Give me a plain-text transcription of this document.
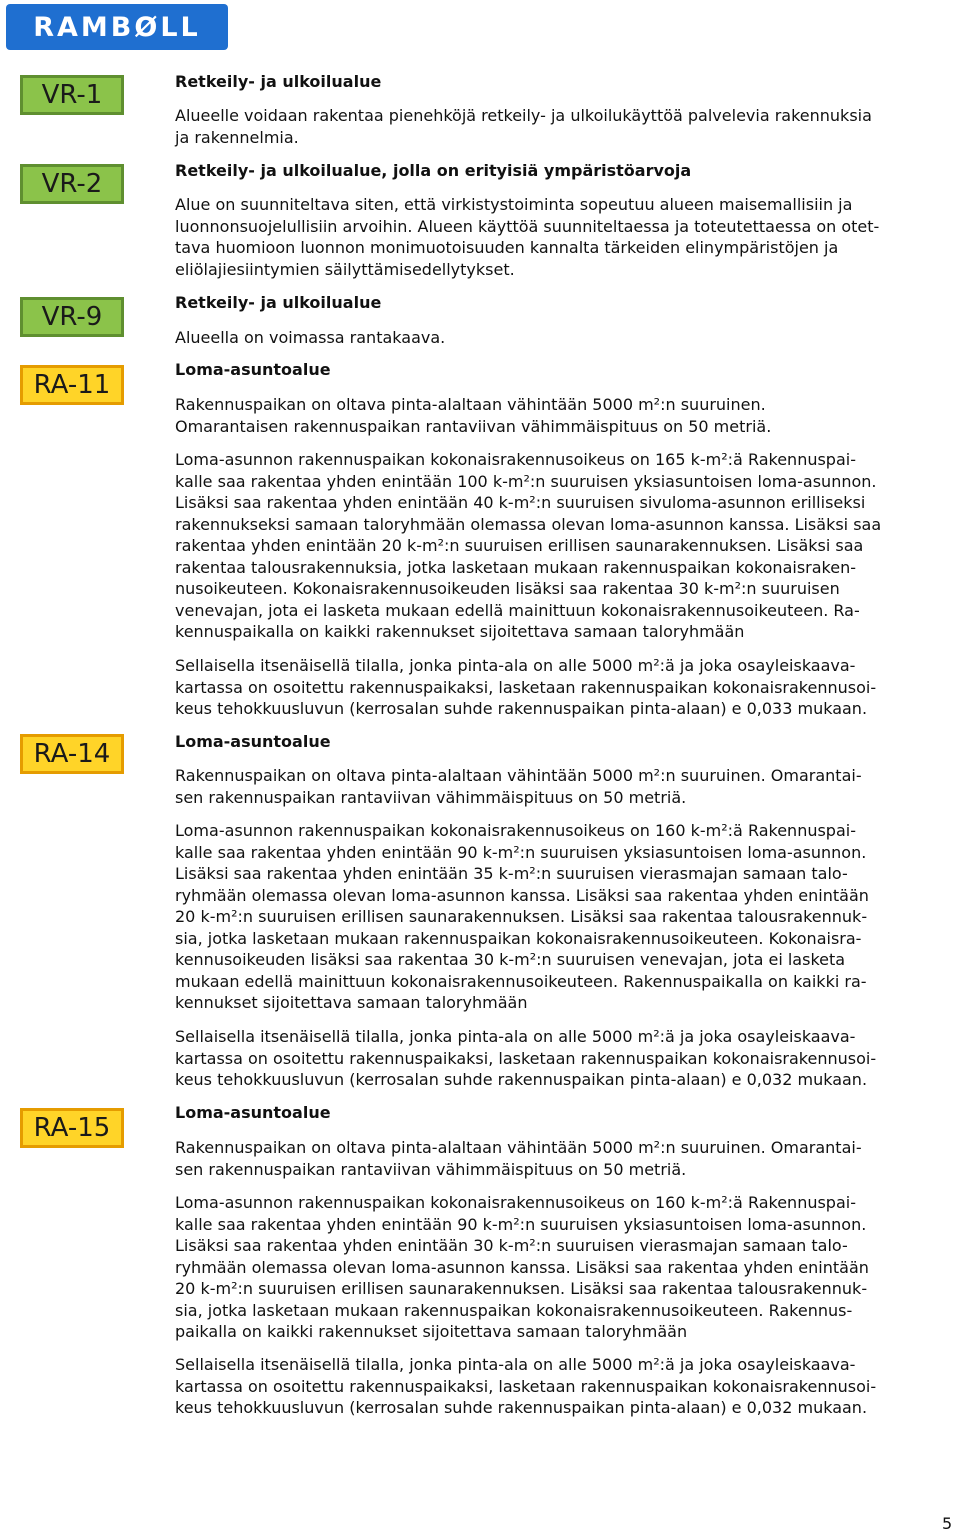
RAMBØLL
VR-1
VR-2
VR-9
RA-11
RA-14
RA-15

Retkeily- ja ulkoilualue

Alueelle voidaan rakentaa pienehköjä retkeily- ja ulkoilukäyttöä palvelevia rakennuksia
ja rakennelmia.

Retkeily- ja ulkoilualue, jolla on erityisiä ympäristöarvoja

Alue on suunniteltava siten, että virkistystoiminta sopeutuu alueen maisemallisiin ja
luonnonsuojelullisiin arvoihin. Alueen käyttöä suunniteltaessa ja toteutettaessa on otet-
tava huomioon luonnon monimuotoisuuden kannalta tärkeiden elinympäristöjen ja
eliölajiesiintymien säilyttämisedellytykset.

Retkeily- ja ulkoilualue

Alueella on voimassa rantakaava.

Loma-asuntoalue

Rakennuspaikan on oltava pinta-alaltaan vähintään 5000 m²:n suuruinen.
Omarantaisen rakennuspaikan rantaviivan vähimmäispituus on 50 metriä.

Loma-asunnon rakennuspaikan kokonaisrakennusoikeus on 165 k-m²:ä Rakennuspai-
kalle saa rakentaa yhden enintään 100 k-m²:n suuruisen yksiasuntoisen loma-asunnon.
Lisäksi saa rakentaa yhden enintään 40 k-m²:n suuruisen sivuloma-asunnon erilliseksi
rakennukseksi samaan taloryhmään olemassa olevan loma-asunnon kanssa. Lisäksi saa
rakentaa yhden enintään 20 k-m²:n suuruisen erillisen saunarakennuksen. Lisäksi saa
rakentaa talousrakennuksia, jotka lasketaan mukaan rakennuspaikan kokonaisraken-
nusoikeuteen. Kokonaisrakennusoikeuden lisäksi saa rakentaa 30 k-m²:n suuruisen
venevajan, jota ei lasketa mukaan edellä mainittuun kokonaisrakennusoikeuteen. Ra-
kennuspaikalla on kaikki rakennukset sijoitettava samaan taloryhmään

Sellaisella itsenäisellä tilalla, jonka pinta-ala on alle 5000 m²:ä ja joka osayleiskaava-
kartassa on osoitettu rakennuspaikaksi, lasketaan rakennuspaikan kokonaisrakennusoi-
keus tehokkuusluvun (kerrosalan suhde rakennuspaikan pinta-alaan) e 0,033 mukaan.

Loma-asuntoalue

Rakennuspaikan on oltava pinta-alaltaan vähintään 5000 m²:n suuruinen. Omarantai-
sen rakennuspaikan rantaviivan vähimmäispituus on 50 metriä.

Loma-asunnon rakennuspaikan kokonaisrakennusoikeus on 160 k-m²:ä Rakennuspai-
kalle saa rakentaa yhden enintään 90 k-m²:n suuruisen yksiasuntoisen loma-asunnon.
Lisäksi saa rakentaa yhden enintään 35 k-m²:n suuruisen vierasmajan samaan talo-
ryhmään olemassa olevan loma-asunnon kanssa. Lisäksi saa rakentaa yhden enintään
20 k-m²:n suuruisen erillisen saunarakennuksen. Lisäksi saa rakentaa talousrakennuk-
sia, jotka lasketaan mukaan rakennuspaikan kokonaisrakennusoikeuteen. Kokonaisra-
kennusoikeuden lisäksi saa rakentaa 30 k-m²:n suuruisen venevajan, jota ei lasketa
mukaan edellä mainittuun kokonaisrakennusoikeuteen. Rakennuspaikalla on kaikki ra-
kennukset sijoitettava samaan taloryhmään

Sellaisella itsenäisellä tilalla, jonka pinta-ala on alle 5000 m²:ä ja joka osayleiskaava-
kartassa on osoitettu rakennuspaikaksi, lasketaan rakennuspaikan kokonaisrakennusoi-
keus tehokkuusluvun (kerrosalan suhde rakennuspaikan pinta-alaan) e 0,032 mukaan.

Loma-asuntoalue

Rakennuspaikan on oltava pinta-alaltaan vähintään 5000 m²:n suuruinen. Omarantai-
sen rakennuspaikan rantaviivan vähimmäispituus on 50 metriä.

Loma-asunnon rakennuspaikan kokonaisrakennusoikeus on 160 k-m²:ä Rakennuspai-
kalle saa rakentaa yhden enintään 90 k-m²:n suuruisen yksiasuntoisen loma-asunnon.
Lisäksi saa rakentaa yhden enintään 30 k-m²:n suuruisen vierasmajan samaan talo-
ryhmään olemassa olevan loma-asunnon kanssa. Lisäksi saa rakentaa yhden enintään
20 k-m²:n suuruisen erillisen saunarakennuksen. Lisäksi saa rakentaa talousrakennuk-
sia, jotka lasketaan mukaan rakennuspaikan kokonaisrakennusoikeuteen. Rakennus-
paikalla on kaikki rakennukset sijoitettava samaan taloryhmään

Sellaisella itsenäisellä tilalla, jonka pinta-ala on alle 5000 m²:ä ja joka osayleiskaava-
kartassa on osoitettu rakennuspaikaksi, lasketaan rakennuspaikan kokonaisrakennusoi-
keus tehokkuusluvun (kerrosalan suhde rakennuspaikan pinta-alaan) e 0,032 mukaan.

5
